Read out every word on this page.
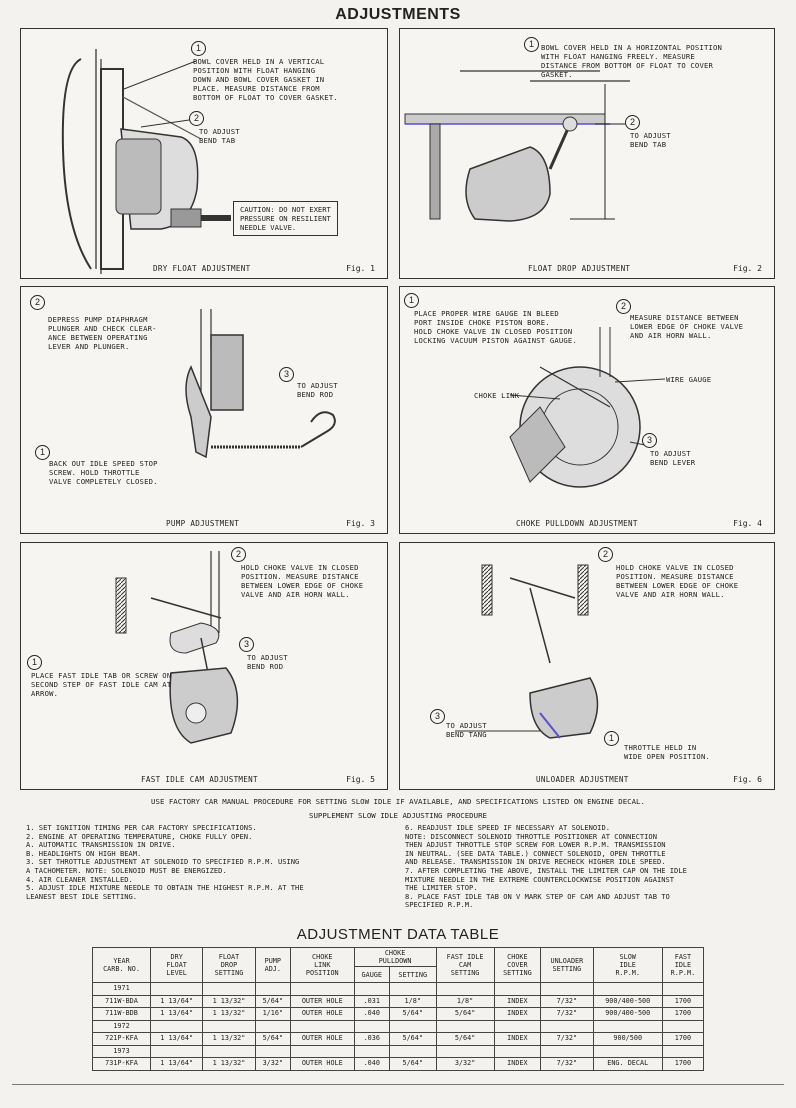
ADJUSTMENTS
1
BOWL COVER HELD IN A VERTICAL
POSITION WITH FLOAT HANGING
DOWN AND BOWL COVER GASKET IN
PLACE. MEASURE DISTANCE FROM
BOTTOM OF FLOAT TO COVER GASKET.
2
TO ADJUST
BEND TAB
CAUTION: DO NOT EXERT
PRESSURE ON RESILIENT
NEEDLE VALVE.
DRY FLOAT ADJUSTMENT	Fig. 1
1 BOWL COVER HELD IN A HORIZONTAL POSITION
WITH FLOAT HANGING FREELY. MEASURE
DISTANCE FROM BOTTOM OF FLOAT TO COVER
GASKET.
2
TO ADJUST
BEND TAB
FLOAT DROP ADJUSTMENT	Fig. 2
2
DEPRESS PUMP DIAPHRAGM
PLUNGER AND CHECK CLEAR-
ANCE BETWEEN OPERATING
LEVER AND PLUNGER.
3
TO ADJUST
BEND ROD
1
BACK OUT IDLE SPEED STOP
SCREW. HOLD THROTTLE
VALVE COMPLETELY CLOSED.
PUMP ADJUSTMENT	Fig. 3
1
PLACE PROPER WIRE GAUGE IN BLEED
PORT INSIDE CHOKE PISTON BORE.
HOLD CHOKE VALVE IN CLOSED POSITION
LOCKING VACUUM PISTON AGAINST GAUGE.
2
MEASURE DISTANCE BETWEEN
LOWER EDGE OF CHOKE VALVE
AND AIR HORN WALL.
WIRE GAUGE
CHOKE LINK
3
TO ADJUST
BEND LEVER
CHOKE PULLDOWN ADJUSTMENT	Fig. 4
2
HOLD CHOKE VALVE IN CLOSED
POSITION. MEASURE DISTANCE
BETWEEN LOWER EDGE OF CHOKE
VALVE AND AIR HORN WALL.
3
TO ADJUST
BEND ROD
1
PLACE FAST IDLE TAB OR SCREW ON
SECOND STEP OF FAST IDLE CAM AT
ARROW.
FAST IDLE CAM ADJUSTMENT	Fig. 5
2
HOLD CHOKE VALVE IN CLOSED
POSITION. MEASURE DISTANCE
BETWEEN LOWER EDGE OF CHOKE
VALVE AND AIR HORN WALL.
3
TO ADJUST
BEND TANG	1
THROTTLE HELD IN
WIDE OPEN POSITION.
UNLOADER ADJUSTMENT	Fig. 6
USE FACTORY CAR MANUAL PROCEDURE FOR SETTING SLOW IDLE IF AVAILABLE, AND SPECIFICATIONS LISTED ON ENGINE DECAL.
SUPPLEMENT SLOW IDLE ADJUSTING PROCEDURE
1. SET IGNITION TIMING PER CAR FACTORY SPECIFICATIONS.
2. ENGINE AT OPERATING TEMPERATURE, CHOKE FULLY OPEN.
A. AUTOMATIC TRANSMISSION IN DRIVE.
B. HEADLIGHTS ON HIGH BEAM.
3. SET THROTTLE ADJUSTMENT AT SOLENOID TO SPECIFIED R.P.M. USING
A TACHOMETER. NOTE: SOLENOID MUST BE ENERGIZED.
4. AIR CLEANER INSTALLED.
5. ADJUST IDLE MIXTURE NEEDLE TO OBTAIN THE HIGHEST R.P.M. AT THE
LEANEST BEST IDLE SETTING.
6. READJUST IDLE SPEED IF NECESSARY AT SOLENOID.
NOTE: DISCONNECT SOLENOID THROTTLE POSITIONER AT CONNECTION
THEN ADJUST THROTTLE STOP SCREW FOR LOWER R.P.M. TRANSMISSION
IN NEUTRAL. (SEE DATA TABLE.) CONNECT SOLENOID, OPEN THROTTLE
AND RELEASE. TRANSMISSION IN DRIVE RECHECK HIGHER IDLE SPEED.
7. AFTER COMPLETING THE ABOVE, INSTALL THE LIMITER CAP ON THE IDLE
MIXTURE NEEDLE IN THE EXTREME COUNTERCLOCKWISE POSITION AGAINST
THE LIMITER STOP.
8. PLACE FAST IDLE TAB ON V MARK STEP OF CAM AND ADJUST TAB TO
SPECIFIED R.P.M.
ADJUSTMENT DATA TABLE
YEAR
CARB. NO.	DRY
FLOAT
LEVEL	FLOAT
DROP
SETTING	PUMP
ADJ.	CHOKE
LINK
POSITION	CHOKE
PULLDOWN		FAST IDLE
CAM
SETTING	CHOKE
COVER
SETTING	UNLOADER
SETTING	SLOW
IDLE
R.P.M.	FAST
IDLE
R.P.M.
					GAUGE	SETTING					
1971											
711W-BDA	1 13/64"	1 13/32"	5/64"	OUTER HOLE	.031	1/8"	1/8"	INDEX	7/32"	900/400-500	1700
711W-BDB	1 13/64"	1 13/32"	1/16"	OUTER HOLE	.040	5/64"	5/64"	INDEX	7/32"	900/400-500	1700
1972											
721P-KFA	1 13/64"	1 13/32"	5/64"	OUTER HOLE	.036	5/64"	5/64"	INDEX	7/32"	900/500	1700
1973											
731P-KFA	1 13/64"	1 13/32"	3/32"	OUTER HOLE	.040	5/64"	3/32"	INDEX	7/32"	ENG. DECAL	1700
